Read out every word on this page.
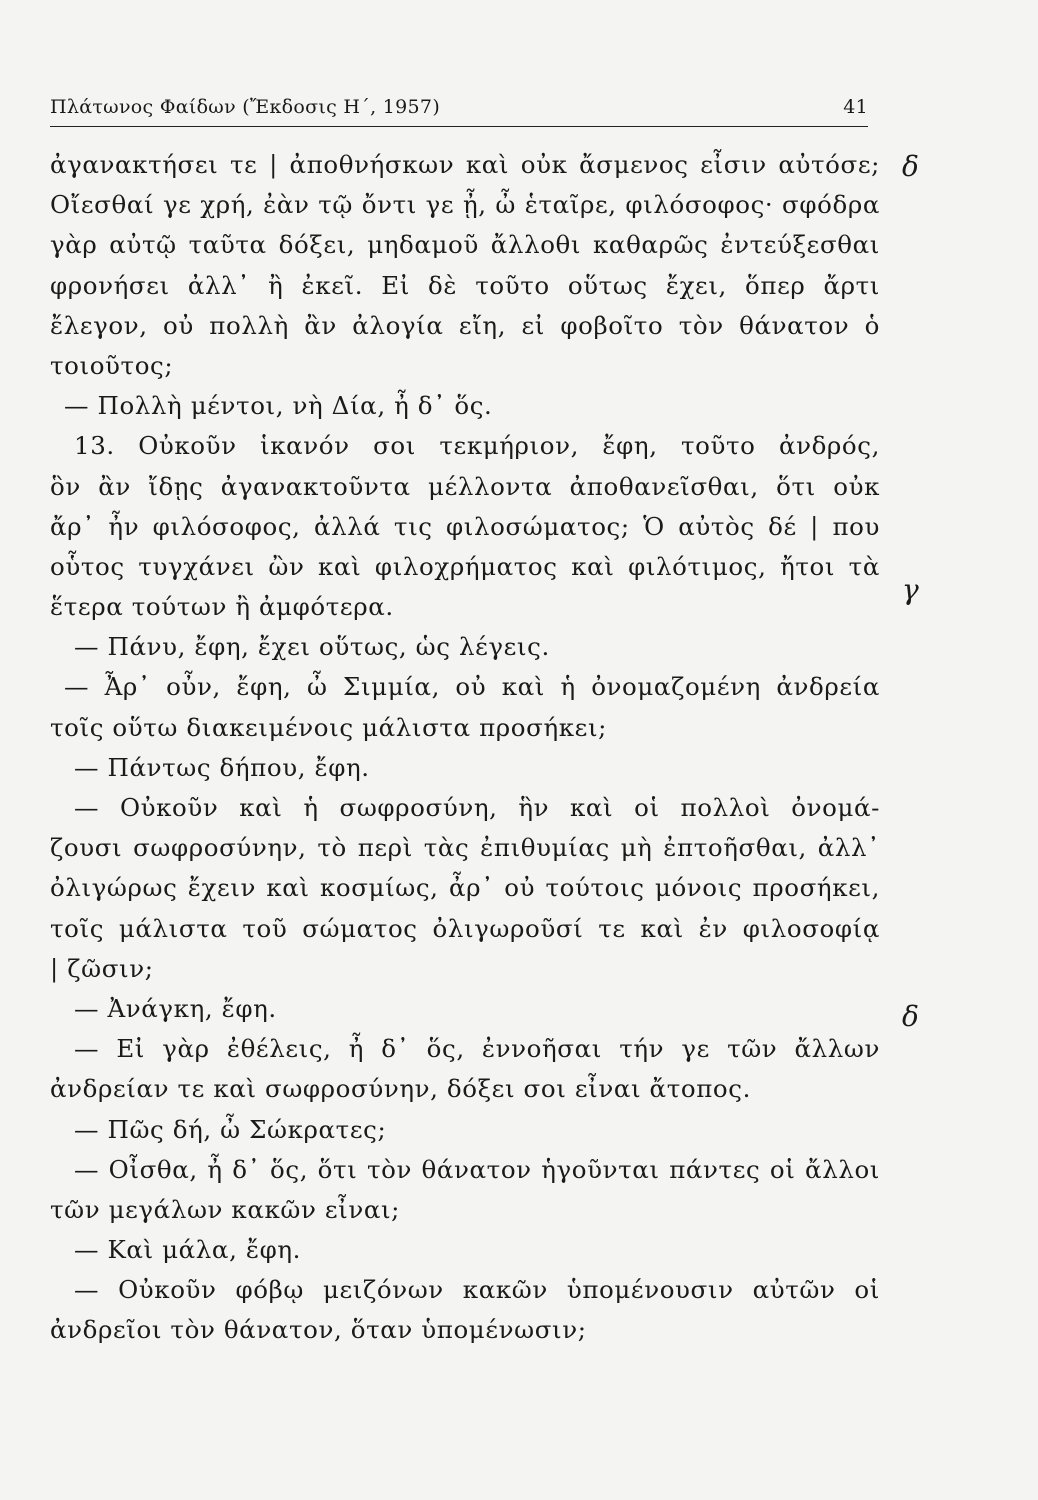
Πλάτωνος Φαίδων (Ἔκδοσις Η΄, 1957)	41
ἀγανακτήσει τε | ἀποθνήσκων καὶ οὐκ ἄσμενος εἶσιν αὐτόσε;
Οἴεσθαί γε χρή, ἐὰν τῷ ὄντι γε ᾖ, ὦ ἑταῖρε, φιλόσοφος· σφόδρα
γὰρ αὐτῷ ταῦτα δόξει, μηδαμοῦ ἄλλοθι καθαρῶς ἐντεύξεσθαι
φρονήσει ἀλλ᾽ ἢ ἐκεῖ. Εἰ δὲ τοῦτο οὕτως ἔχει, ὅπερ ἄρτι
ἔλεγον, οὐ πολλὴ ἂν ἀλογία εἴη, εἰ φοβοῖτο τὸν θάνατον ὁ
τοιοῦτος;
— Πολλὴ μέντοι, νὴ Δία, ἦ δ᾽ ὅς.
13. Οὐκοῦν ἱκανόν σοι τεκμήριον, ἔφη, τοῦτο ἀνδρός,
ὃν ἂν ἴδῃς ἀγανακτοῦντα μέλλοντα ἀποθανεῖσθαι, ὅτι οὐκ
ἄρ᾽ ἦν φιλόσοφος, ἀλλά τις φιλοσώματος; Ὁ αὐτὸς δέ | που
οὗτος τυγχάνει ὢν καὶ φιλοχρήματος καὶ φιλότιμος, ἤτοι τὰ
ἕτερα τούτων ἢ ἀμφότερα.
— Πάνυ, ἔφη, ἔχει οὕτως, ὡς λέγεις.
— Ἆρ᾽ οὖν, ἔφη, ὦ Σιμμία, οὐ καὶ ἡ ὀνομαζομένη ἀνδρεία
τοῖς οὕτω διακειμένοις μάλιστα προσήκει;
— Πάντως δήπου, ἔφη.
— Οὐκοῦν καὶ ἡ σωφροσύνη, ἣν καὶ οἱ πολλοὶ ὀνομά-
ζουσι σωφροσύνην, τὸ περὶ τὰς ἐπιθυμίας μὴ ἐπτοῆσθαι, ἀλλ᾽
ὀλιγώρως ἔχειν καὶ κοσμίως, ἆρ᾽ οὐ τούτοις μόνοις προσήκει,
τοῖς μάλιστα τοῦ σώματος ὀλιγωροῦσί τε καὶ ἐν φιλοσοφίᾳ
| ζῶσιν;
— Ἀνάγκη, ἔφη.
— Εἰ γὰρ ἐθέλεις, ἦ δ᾽ ὅς, ἐννοῆσαι τήν γε τῶν ἄλλων
ἀνδρείαν τε καὶ σωφροσύνην, δόξει σοι εἶναι ἄτοπος.
— Πῶς δή, ὦ Σώκρατες;
— Οἶσθα, ἦ δ᾽ ὅς, ὅτι τὸν θάνατον ἡγοῦνται πάντες οἱ ἄλλοι
τῶν μεγάλων κακῶν εἶναι;
— Καὶ μάλα, ἔφη.
— Οὐκοῦν φόβῳ μειζόνων κακῶν ὑπομένουσιν αὐτῶν οἱ
ἀνδρεῖοι τὸν θάνατον, ὅταν ὑπομένωσιν;
δ
γ
δ
